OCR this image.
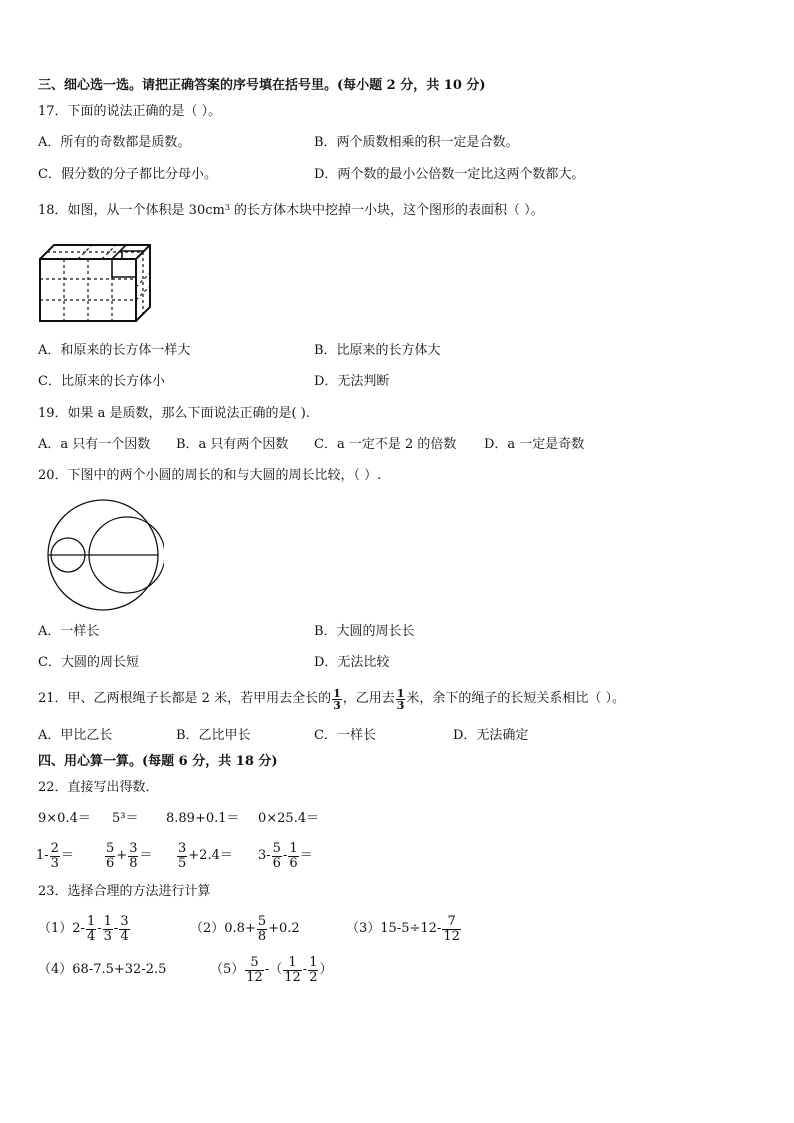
三、细心选一选。请把正确答案的序号填在括号里。(每小题 2 分，共 10 分)
17．下面的说法正确的是（ ）。
A．所有的奇数都是质数。	B．两个质数相乘的积一定是合数。
C．假分数的分子都比分母小。	D．两个数的最小公倍数一定比这两个数都大。
18．如图，从一个体积是 $30cm^3$ 的长方体木块中挖掉一小块，这个图形的表面积（ ）。
A．和原来的长方体一样大	B．比原来的长方体大
C．比原来的长方体小	D．无法判断
19．如果 a 是质数，那么下面说法正确的是( ).
A．a 只有一个因数 B．a 只有两个因数 C．a 一定不是 2 的倍数 D．a 一定是奇数
20．下图中的两个小圆的周长的和与大圆的周长比较，（ ）.
A．一样长	B．大圆的周长长
C．大圆的周长短	D．无法比较
21．甲、乙两根绳子长都是 2 米，若甲用去全长的 $\frac{1}{3}$ ，乙用去 $\frac{1}{3}$ 米，余下的绳子的长短关系相比（ ）。
A．甲比乙长	B．乙比甲长	C．一样长	D．无法确定
四、用心算一算。(每题 6 分，共 18 分)
22．直接写出得数．
9×0.4＝ 5³＝ 8.89+0.1＝ 0×25.4＝
$1- \frac{2}{3} = \frac{5}{6} + \frac{3}{8} = \frac{3}{5} +2.4= 3- \frac{5}{6} - \frac{1}{6}$ ＝
23．选择合理的方法进行计算
$(1)2- \frac{1}{4} - \frac{1}{3} - \frac{3}{4}$	$(2)0.8+ \frac{5}{8} +0.2$	$(3)15-5\div 12- \frac{7}{12}$
（4）68-7.5+32-2.5	$(5) \frac{5}{12}$ -（ $\frac{1}{12} - \frac{1}{2}$ ）
